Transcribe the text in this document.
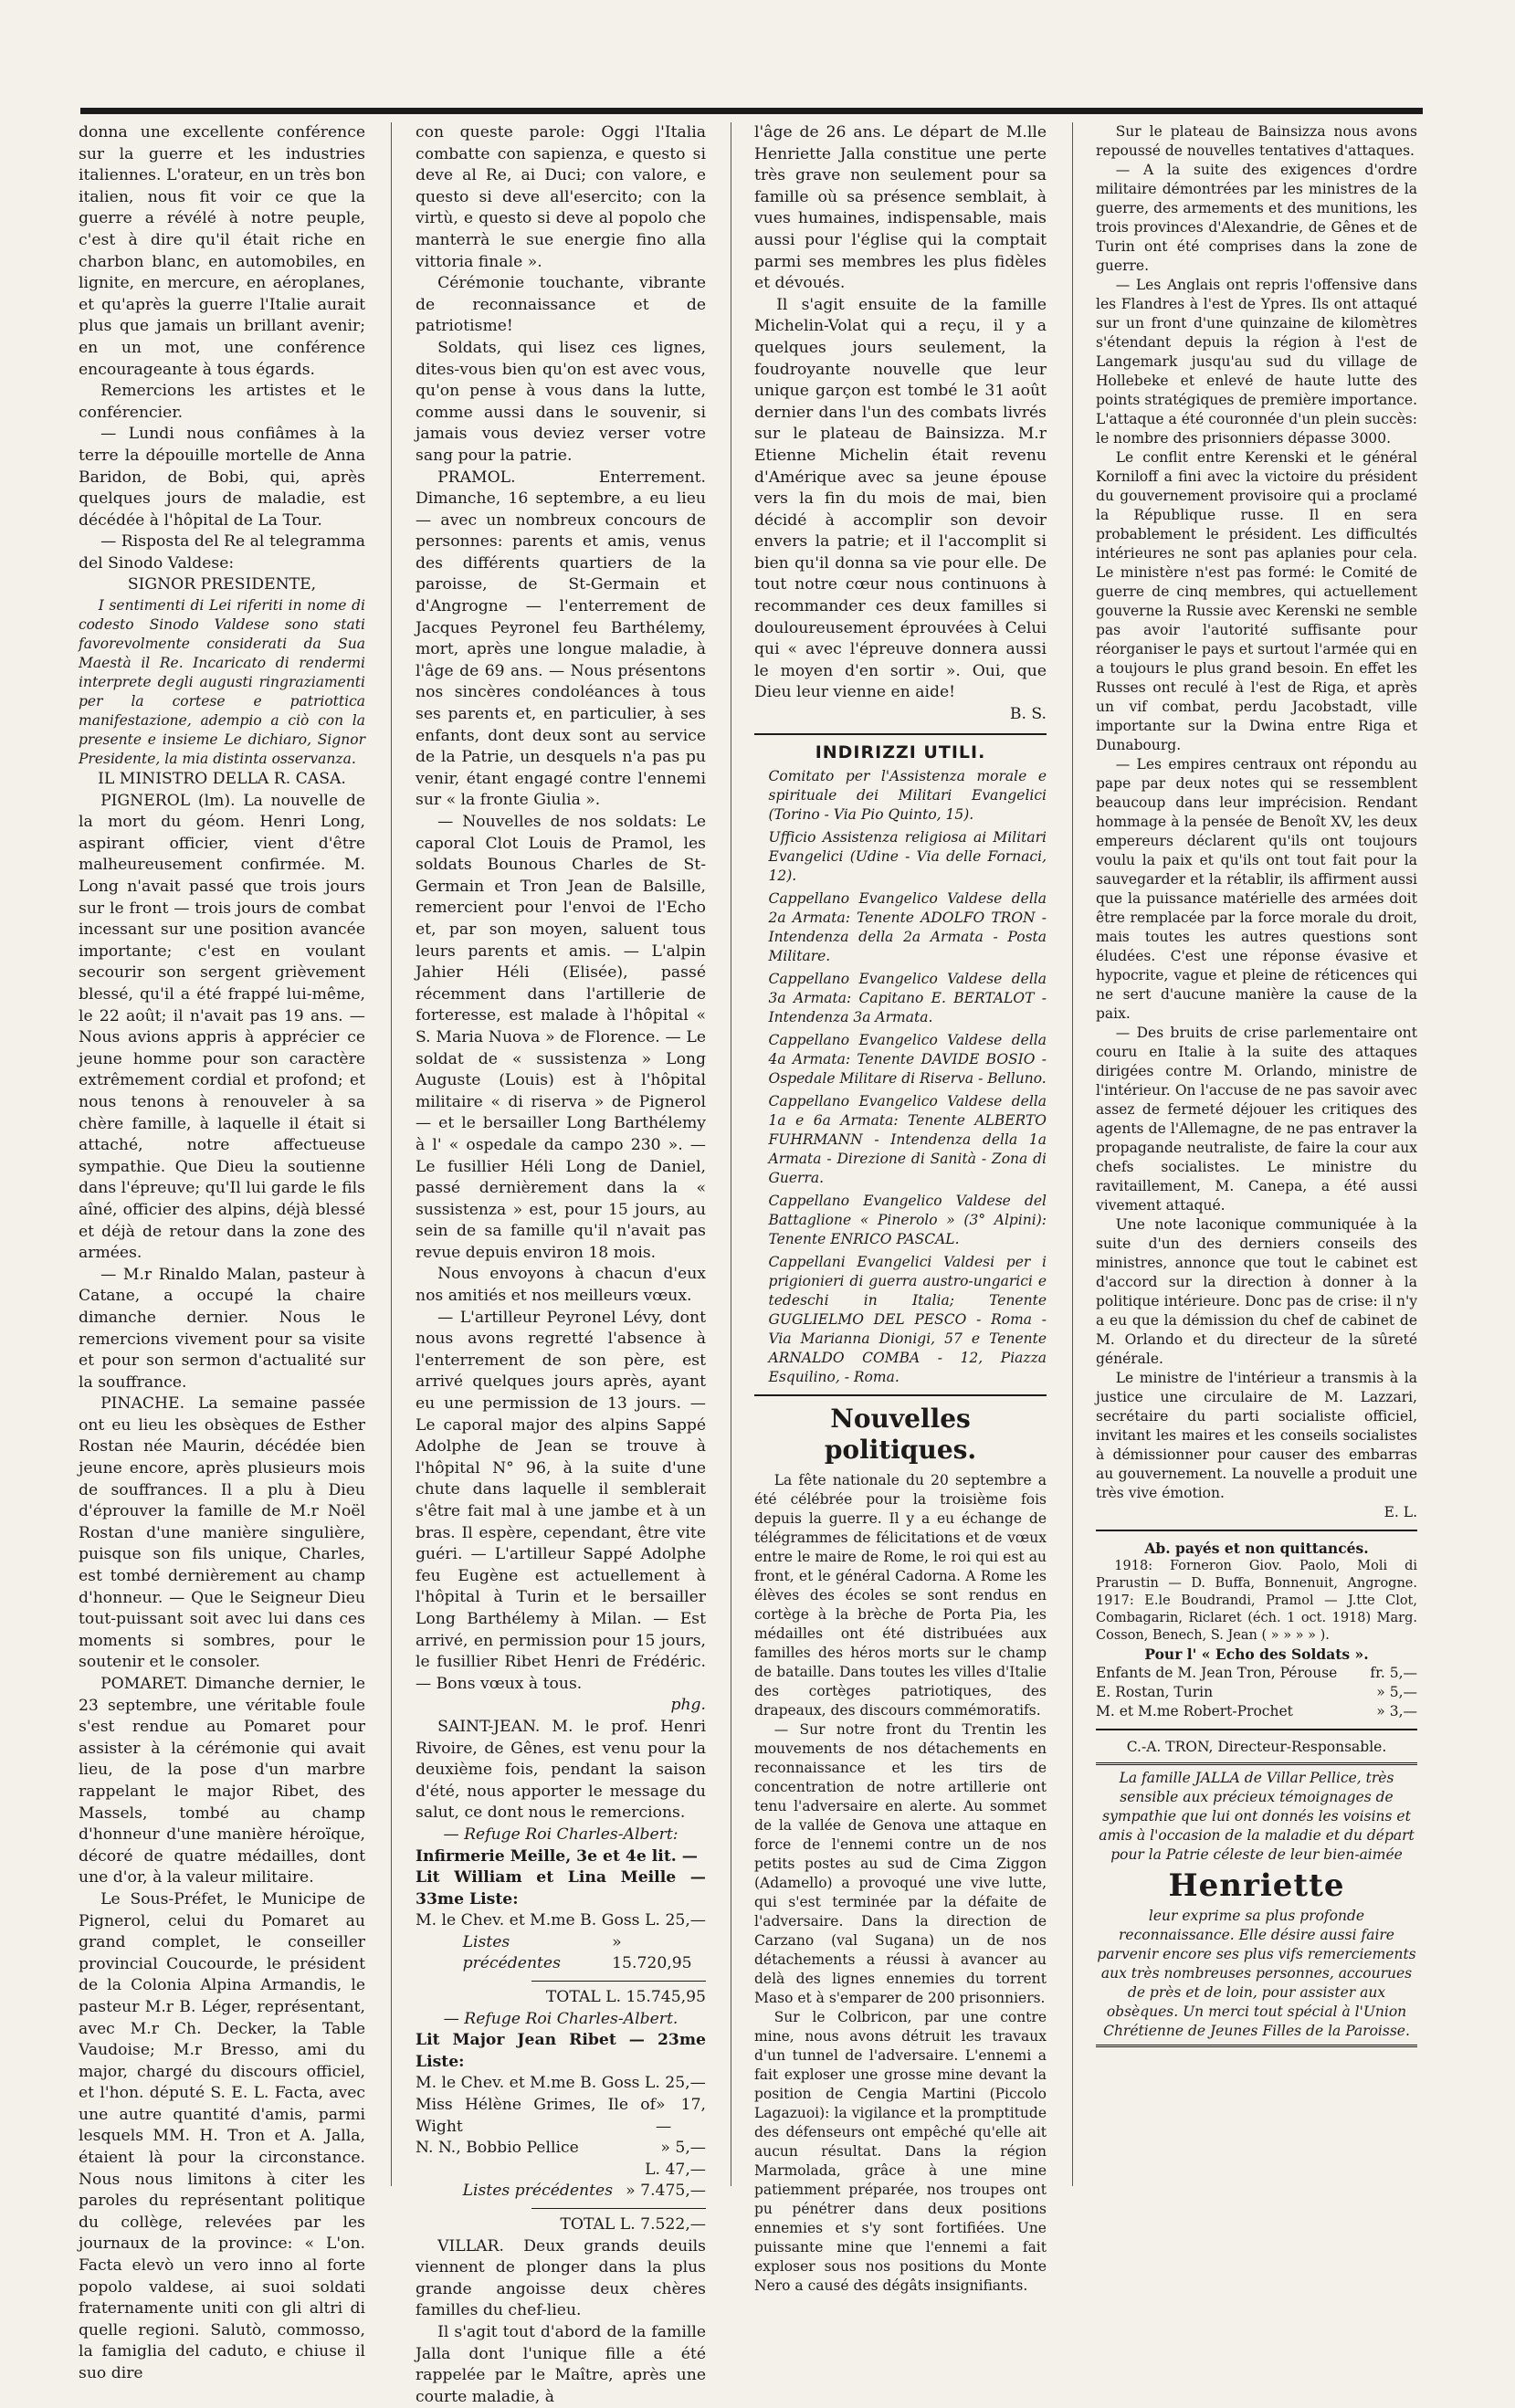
donna une excellente conférence sur la guerre et les industries italiennes. L'orateur, en un très bon italien, nous fit voir ce que la guerre a révélé à notre peuple, c'est à dire qu'il était riche en charbon blanc, en automobiles, en lignite, en mercure, en aéroplanes, et qu'après la guerre l'Italie aurait plus que jamais un brillant avenir; en un mot, une conférence encourageante à tous égards.

Remercions les artistes et le conférencier.

— Lundi nous confiâmes à la terre la dépouille mortelle de Anna Baridon, de Bobi, qui, après quelques jours de maladie, est décédée à l'hôpital de La Tour.

— Risposta del Re al telegramma del Sinodo Valdese:

SIGNOR PRESIDENTE,

I sentimenti di Lei riferiti in nome di codesto Sinodo Valdese sono stati favorevolmente considerati da Sua Maestà il Re. Incaricato di rendermi interprete degli augusti ringraziamenti per la cortese e patriottica manifestazione, adempio a ciò con la presente e insieme Le dichiaro, Signor Presidente, la mia distinta osservanza.

IL MINISTRO DELLA R. CASA.

PIGNEROL (lm). La nouvelle de la mort du géom. Henri Long, aspirant officier, vient d'être malheureusement confirmée. M. Long n'avait passé que trois jours sur le front — trois jours de combat incessant sur une position avancée importante; c'est en voulant secourir son sergent grièvement blessé, qu'il a été frappé lui-même, le 22 août; il n'avait pas 19 ans. — Nous avions appris à apprécier ce jeune homme pour son caractère extrêmement cordial et profond; et nous tenons à renouveler à sa chère famille, à laquelle il était si attaché, notre affectueuse sympathie. Que Dieu la soutienne dans l'épreuve; qu'Il lui garde le fils aîné, officier des alpins, déjà blessé et déjà de retour dans la zone des armées.

— M.r Rinaldo Malan, pasteur à Catane, a occupé la chaire dimanche dernier. Nous le remercions vivement pour sa visite et pour son sermon d'actualité sur la souffrance.

PINACHE. La semaine passée ont eu lieu les obsèques de Esther Rostan née Maurin, décédée bien jeune encore, après plusieurs mois de souffrances. Il a plu à Dieu d'éprouver la famille de M.r Noël Rostan d'une manière singulière, puisque son fils unique, Charles, est tombé dernièrement au champ d'honneur. — Que le Seigneur Dieu tout-puissant soit avec lui dans ces moments si sombres, pour le soutenir et le consoler.

POMARET. Dimanche dernier, le 23 septembre, une véritable foule s'est rendue au Pomaret pour assister à la cérémonie qui avait lieu, de la pose d'un marbre rappelant le major Ribet, des Massels, tombé au champ d'honneur d'une manière héroïque, décoré de quatre médailles, dont une d'or, à la valeur militaire.

Le Sous-Préfet, le Municipe de Pignerol, celui du Pomaret au grand complet, le conseiller provincial Coucourde, le président de la Colonia Alpina Armandis, le pasteur M.r B. Léger, représentant, avec M.r Ch. Decker, la Table Vaudoise; M.r Bresso, ami du major, chargé du discours officiel, et l'hon. député S. E. L. Facta, avec une autre quantité d'amis, parmi lesquels MM. H. Tron et A. Jalla, étaient là pour la circonstance. Nous nous limitons à citer les paroles du représentant politique du collège, relevées par les journaux de la province: « L'on. Facta elevò un vero inno al forte popolo valdese, ai suoi soldati fraternamente uniti con gli altri di quelle regioni. Salutò, commosso, la famiglia del caduto, e chiuse il suo dire

con queste parole: Oggi l'Italia combatte con sapienza, e questo si deve al Re, ai Duci; con valore, e questo si deve all'esercito; con la virtù, e questo si deve al popolo che manterrà le sue energie fino alla vittoria finale ».

Cérémonie touchante, vibrante de reconnaissance et de patriotisme!

Soldats, qui lisez ces lignes, dites-vous bien qu'on est avec vous, qu'on pense à vous dans la lutte, comme aussi dans le souvenir, si jamais vous deviez verser votre sang pour la patrie.

PRAMOL. Enterrement. Dimanche, 16 septembre, a eu lieu — avec un nombreux concours de personnes: parents et amis, venus des différents quartiers de la paroisse, de St-Germain et d'Angrogne — l'enterrement de Jacques Peyronel feu Barthélemy, mort, après une longue maladie, à l'âge de 69 ans. — Nous présentons nos sincères condoléances à tous ses parents et, en particulier, à ses enfants, dont deux sont au service de la Patrie, un desquels n'a pas pu venir, étant engagé contre l'ennemi sur « la fronte Giulia ».

— Nouvelles de nos soldats: Le caporal Clot Louis de Pramol, les soldats Bounous Charles de St-Germain et Tron Jean de Balsille, remercient pour l'envoi de l'Echo et, par son moyen, saluent tous leurs parents et amis. — L'alpin Jahier Héli (Elisée), passé récemment dans l'artillerie de forteresse, est malade à l'hôpital « S. Maria Nuova » de Florence. — Le soldat de « sussistenza » Long Auguste (Louis) est à l'hôpital militaire « di riserva » de Pignerol — et le bersailler Long Barthélemy à l' « ospedale da campo 230 ». — Le fusillier Héli Long de Daniel, passé dernièrement dans la « sussistenza » est, pour 15 jours, au sein de sa famille qu'il n'avait pas revue depuis environ 18 mois.

Nous envoyons à chacun d'eux nos amitiés et nos meilleurs vœux.

— L'artilleur Peyronel Lévy, dont nous avons regretté l'absence à l'enterrement de son père, est arrivé quelques jours après, ayant eu une permission de 13 jours. — Le caporal major des alpins Sappé Adolphe de Jean se trouve à l'hôpital N° 96, à la suite d'une chute dans laquelle il semblerait s'être fait mal à une jambe et à un bras. Il espère, cependant, être vite guéri. — L'artilleur Sappé Adolphe feu Eugène est actuellement à l'hôpital à Turin et le bersailler Long Barthélemy à Milan. — Est arrivé, en permission pour 15 jours, le fusillier Ribet Henri de Frédéric. — Bons vœux à tous.

phg.

SAINT-JEAN. M. le prof. Henri Rivoire, de Gênes, est venu pour la deuxième fois, pendant la saison d'été, nous apporter le message du salut, ce dont nous le remercions.

— Refuge Roi Charles-Albert:

Infirmerie Meille, 3e et 4e lit. —

Lit William et Lina Meille — 33me Liste:

M. le Chev. et M.me B. Goss L. 25,—
Listes précédentes
» 15.720,95

TOTAL L. 15.745,95

— Refuge Roi Charles-Albert.

Lit Major Jean Ribet — 23me Liste:

M. le Chev. et M.me B. Goss L. 25,—

Miss Hélène Grimes, Ile of Wight
» 17,—
N. N., Bobbio Pellice	» 5,—

L. 47,—

Listes précédentes » 7.475,—

TOTAL L. 7.522,—

VILLAR. Deux grands deuils viennent de plonger dans la plus grande angoisse deux chères familles du chef-lieu.

Il s'agit tout d'abord de la famille Jalla dont l'unique fille a été rappelée par le Maître, après une courte maladie, à

l'âge de 26 ans. Le départ de M.lle Henriette Jalla constitue une perte très grave non seulement pour sa famille où sa présence semblait, à vues humaines, indispensable, mais aussi pour l'église qui la comptait parmi ses membres les plus fidèles et dévoués.

Il s'agit ensuite de la famille Michelin-Volat qui a reçu, il y a quelques jours seulement, la foudroyante nouvelle que leur unique garçon est tombé le 31 août dernier dans l'un des combats livrés sur le plateau de Bainsizza. M.r Etienne Michelin était revenu d'Amérique avec sa jeune épouse vers la fin du mois de mai, bien décidé à accomplir son devoir envers la patrie; et il l'accomplit si bien qu'il donna sa vie pour elle. De tout notre cœur nous continuons à recommander ces deux familles si douloureusement éprouvées à Celui qui « avec l'épreuve donnera aussi le moyen d'en sortir ». Oui, que Dieu leur vienne en aide!

B. S.

INDIRIZZI UTILI.

Comitato per l'Assistenza morale e spirituale dei Militari Evangelici (Torino - Via Pio Quinto, 15).

Ufficio Assistenza religiosa ai Militari Evangelici (Udine - Via delle Fornaci, 12).

Cappellano Evangelico Valdese della 2a Armata: Tenente ADOLFO TRON - Intendenza della 2a Armata - Posta Militare.

Cappellano Evangelico Valdese della 3a Armata: Capitano E. BERTALOT - Intendenza 3a Armata.

Cappellano Evangelico Valdese della 4a Armata: Tenente DAVIDE BOSIO - Ospedale Militare di Riserva - Belluno.

Cappellano Evangelico Valdese della 1a e 6a Armata: Tenente ALBERTO FUHRMANN - Intendenza della 1a Armata - Direzione di Sanità - Zona di Guerra.

Cappellano Evangelico Valdese del Battaglione « Pinerolo » (3° Alpini): Tenente ENRICO PASCAL.

Cappellani Evangelici Valdesi per i prigionieri di guerra austro-ungarici e tedeschi in Italia; Tenente GUGLIELMO DEL PESCO - Roma - Via Marianna Dionigi, 57 e Tenente ARNALDO COMBA - 12, Piazza Esquilino, - Roma.

Nouvelles politiques.

La fête nationale du 20 septembre a été célébrée pour la troisième fois depuis la guerre. Il y a eu échange de télégrammes de félicitations et de vœux entre le maire de Rome, le roi qui est au front, et le général Cadorna. A Rome les élèves des écoles se sont rendus en cortège à la brèche de Porta Pia, les médailles ont été distribuées aux familles des héros morts sur le champ de bataille. Dans toutes les villes d'Italie des cortèges patriotiques, des drapeaux, des discours commémoratifs.

— Sur notre front du Trentin les mouvements de nos détachements en reconnaissance et les tirs de concentration de notre artillerie ont tenu l'adversaire en alerte. Au sommet de la vallée de Genova une attaque en force de l'ennemi contre un de nos petits postes au sud de Cima Ziggon (Adamello) a provoqué une vive lutte, qui s'est terminée par la défaite de l'adversaire. Dans la direction de Carzano (val Sugana) un de nos détachements a réussi à avancer au delà des lignes ennemies du torrent Maso et à s'emparer de 200 prisonniers.

Sur le Colbricon, par une contre mine, nous avons détruit les travaux d'un tunnel de l'adversaire. L'ennemi a fait exploser une grosse mine devant la position de Cengia Martini (Piccolo Lagazuoi): la vigilance et la promptitude des défenseurs ont empêché qu'elle ait aucun résultat. Dans la région Marmolada, grâce à une mine patiemment préparée, nos troupes ont pu pénétrer dans deux positions ennemies et s'y sont fortifiées. Une puissante mine que l'ennemi a fait exploser sous nos positions du Monte Nero a causé des dégâts insignifiants.

Sur le plateau de Bainsizza nous avons repoussé de nouvelles tentatives d'attaques.

— A la suite des exigences d'ordre militaire démontrées par les ministres de la guerre, des armements et des munitions, les trois provinces d'Alexandrie, de Gênes et de Turin ont été comprises dans la zone de guerre.

— Les Anglais ont repris l'offensive dans les Flandres à l'est de Ypres. Ils ont attaqué sur un front d'une quinzaine de kilomètres s'étendant depuis la région à l'est de Langemark jusqu'au sud du village de Hollebeke et enlevé de haute lutte des points stratégiques de première importance. L'attaque a été couronnée d'un plein succès: le nombre des prisonniers dépasse 3000.

Le conflit entre Kerenski et le général Korniloff a fini avec la victoire du président du gouvernement provisoire qui a proclamé la République russe. Il en sera probablement le président. Les difficultés intérieures ne sont pas aplanies pour cela. Le ministère n'est pas formé: le Comité de guerre de cinq membres, qui actuellement gouverne la Russie avec Kerenski ne semble pas avoir l'autorité suffisante pour réorganiser le pays et surtout l'armée qui en a toujours le plus grand besoin. En effet les Russes ont reculé à l'est de Riga, et après un vif combat, perdu Jacobstadt, ville importante sur la Dwina entre Riga et Dunabourg.

— Les empires centraux ont répondu au pape par deux notes qui se ressemblent beaucoup dans leur imprécision. Rendant hommage à la pensée de Benoît XV, les deux empereurs déclarent qu'ils ont toujours voulu la paix et qu'ils ont tout fait pour la sauvegarder et la rétablir, ils affirment aussi que la puissance matérielle des armées doit être remplacée par la force morale du droit, mais toutes les autres questions sont éludées. C'est une réponse évasive et hypocrite, vague et pleine de réticences qui ne sert d'aucune manière la cause de la paix.

— Des bruits de crise parlementaire ont couru en Italie à la suite des attaques dirigées contre M. Orlando, ministre de l'intérieur. On l'accuse de ne pas savoir avec assez de fermeté déjouer les critiques des agents de l'Allemagne, de ne pas entraver la propagande neutraliste, de faire la cour aux chefs socialistes. Le ministre du ravitaillement, M. Canepa, a été aussi vivement attaqué.

Une note laconique communiquée à la suite d'un des derniers conseils des ministres, annonce que tout le cabinet est d'accord sur la direction à donner à la politique intérieure. Donc pas de crise: il n'y a eu que la démission du chef de cabinet de M. Orlando et du directeur de la sûreté générale.

Le ministre de l'intérieur a transmis à la justice une circulaire de M. Lazzari, secrétaire du parti socialiste officiel, invitant les maires et les conseils socialistes à démissionner pour causer des embarras au gouvernement. La nouvelle a produit une très vive émotion.

E. L.

Ab. payés et non quittancés.

1918: Forneron Giov. Paolo, Moli di Prarustin — D. Buffa, Bonnenuit, Angrogne. 1917: E.le Boudrandi, Pramol — J.tte Clot, Combagarin, Riclaret (éch. 1 oct. 1918) Marg. Cosson, Benech, S. Jean ( » » » » ).

Pour l' « Echo des Soldats ».

Enfants de M. Jean Tron, Pérouse fr. 5,—
E. Rostan, Turin	» 5,—
M. et M.me Robert-Prochet	» 3,—

C.-A. TRON, Directeur-Responsable.

La famille JALLA de Villar Pellice, très sensible aux précieux témoignages de sympathie que lui ont donnés les voisins et amis à l'occasion de la maladie et du départ pour la Patrie céleste de leur bien-aimée

Henriette

leur exprime sa plus profonde reconnaissance. Elle désire aussi faire parvenir encore ses plus vifs remerciements aux très nombreuses personnes, accourues de près et de loin, pour assister aux obsèques. Un merci tout spécial à l'Union Chrétienne de Jeunes Filles de la Paroisse.
